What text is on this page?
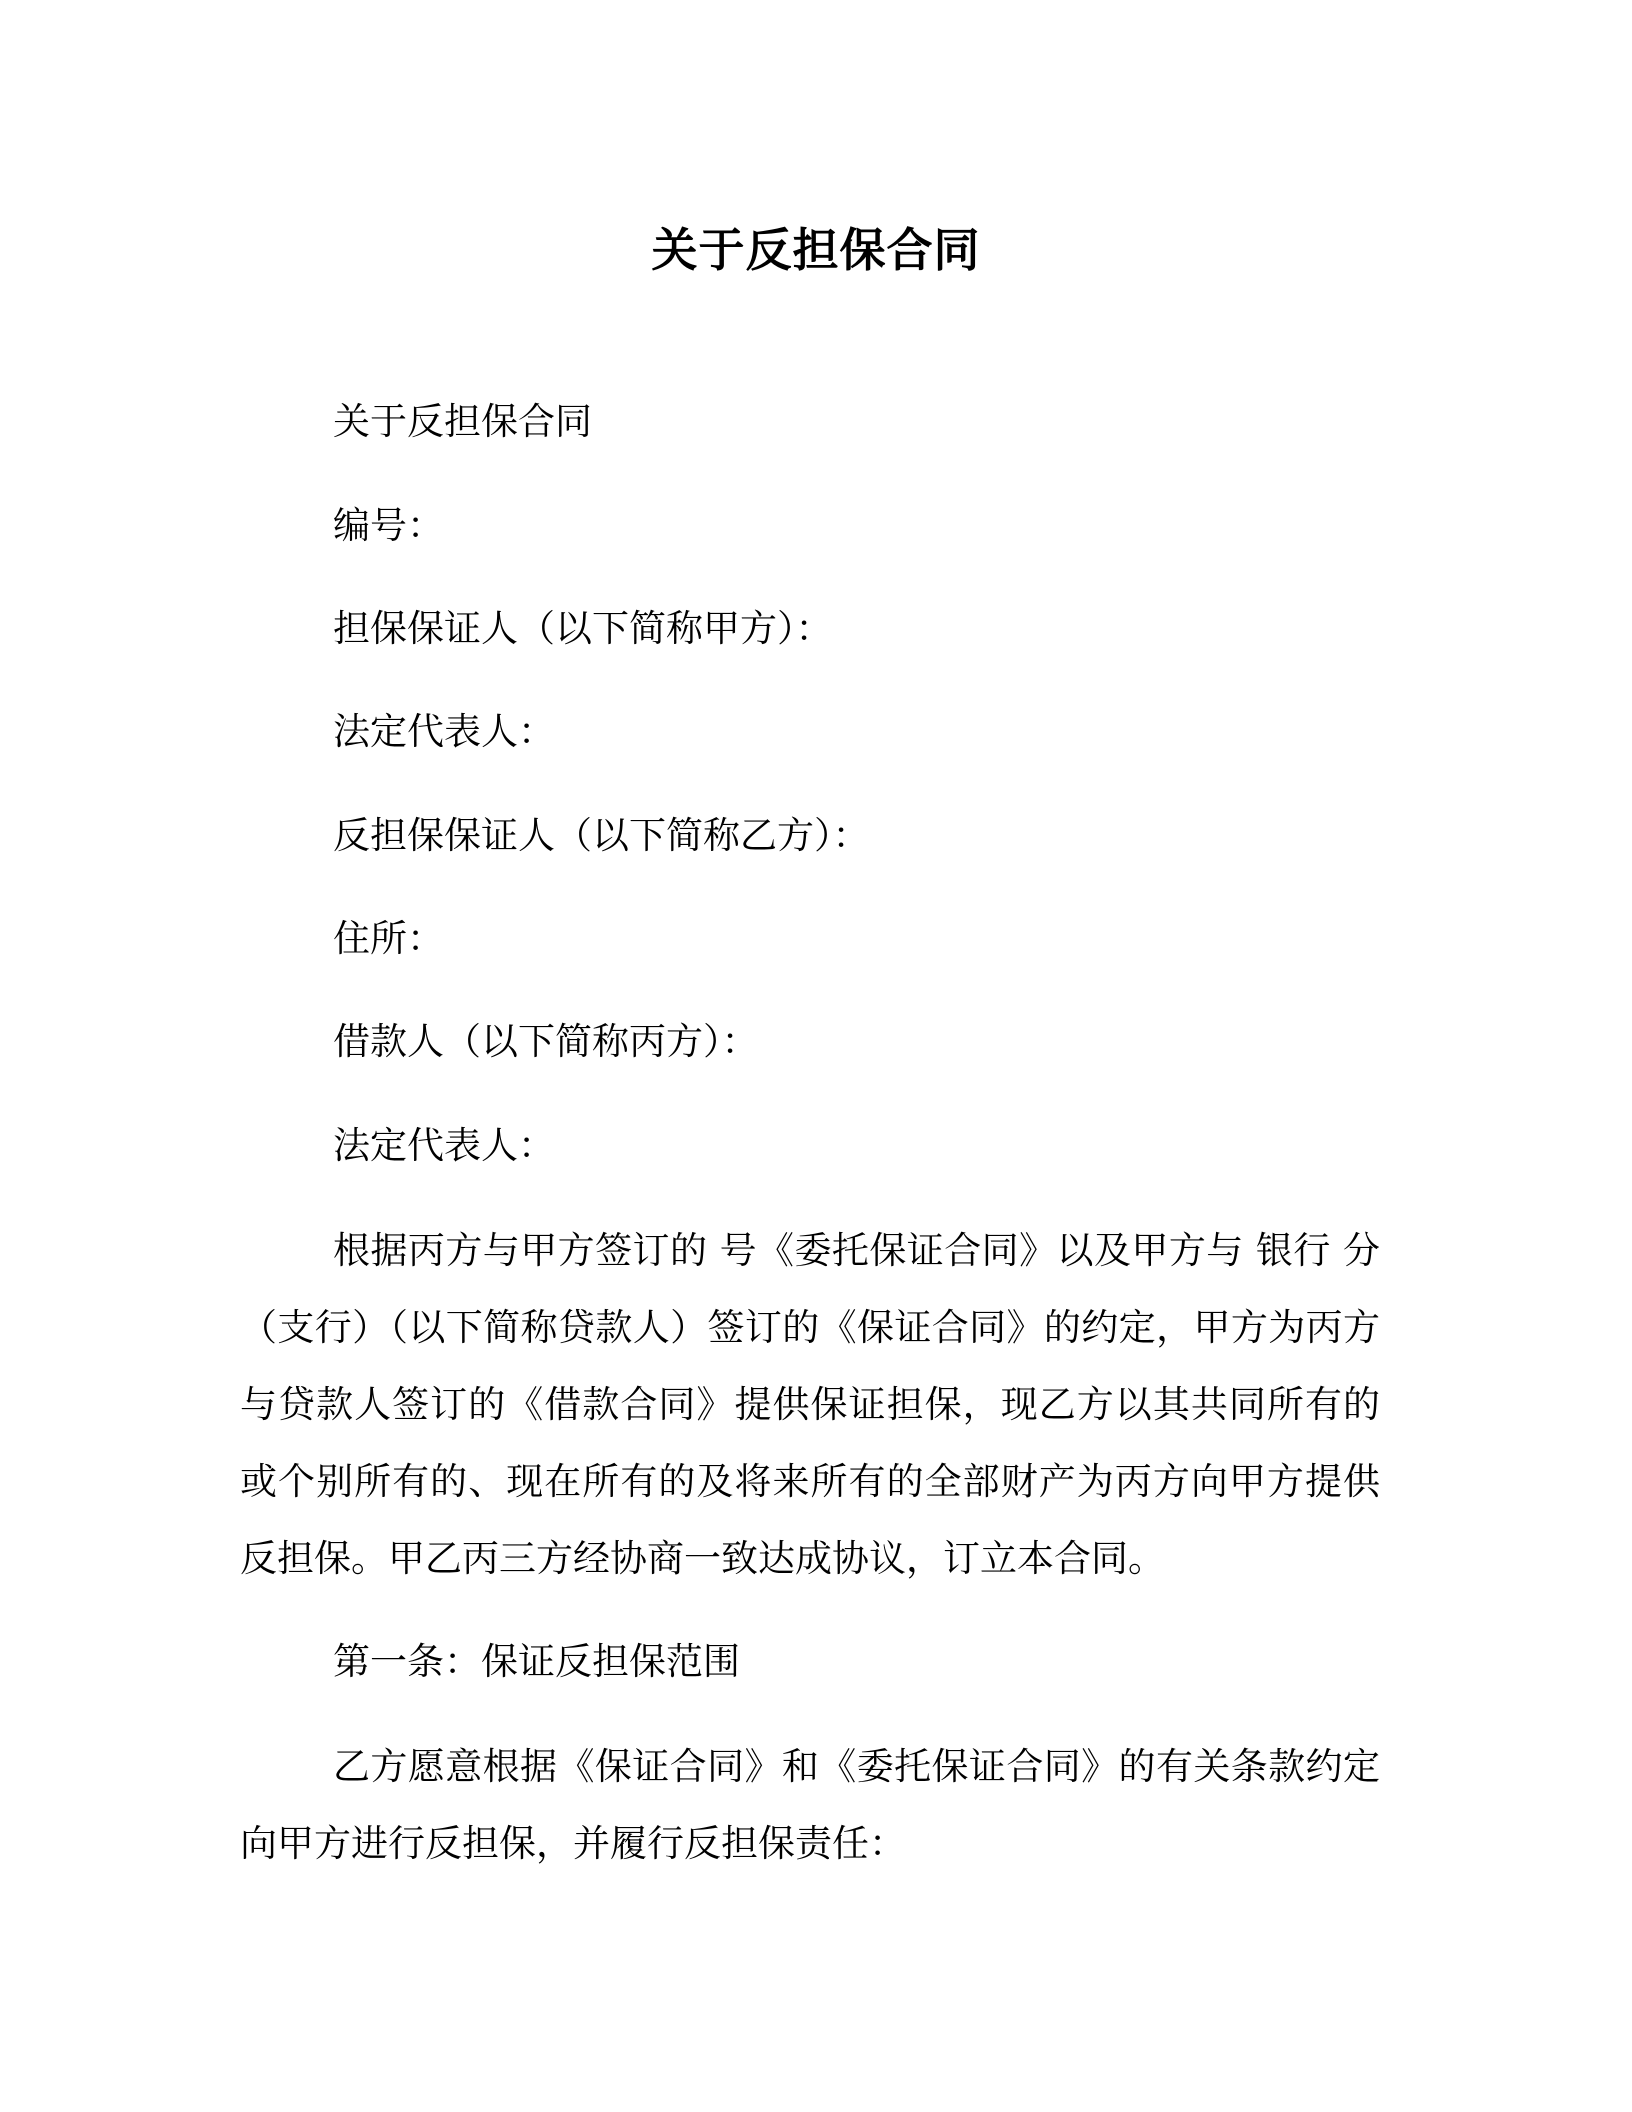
关于反担保合同
关于反担保合同
编号：
担保保证人（以下简称甲方）：
法定代表人：
反担保保证人（以下简称乙方）：
住所：
借款人（以下简称丙方）：
法定代表人：
根据丙方与甲方签订的 号《委托保证合同》以及甲方与 银行 分（支行）（以下简称贷款人）签订的《保证合同》的约定，甲方为丙方与贷款人签订的《借款合同》提供保证担保，现乙方以其共同所有的或个别所有的、现在所有的及将来所有的全部财产为丙方向甲方提供反担保。甲乙丙三方经协商一致达成协议，订立本合同。
第一条：保证反担保范围
乙方愿意根据《保证合同》和《委托保证合同》的有关条款约定向甲方进行反担保，并履行反担保责任：
